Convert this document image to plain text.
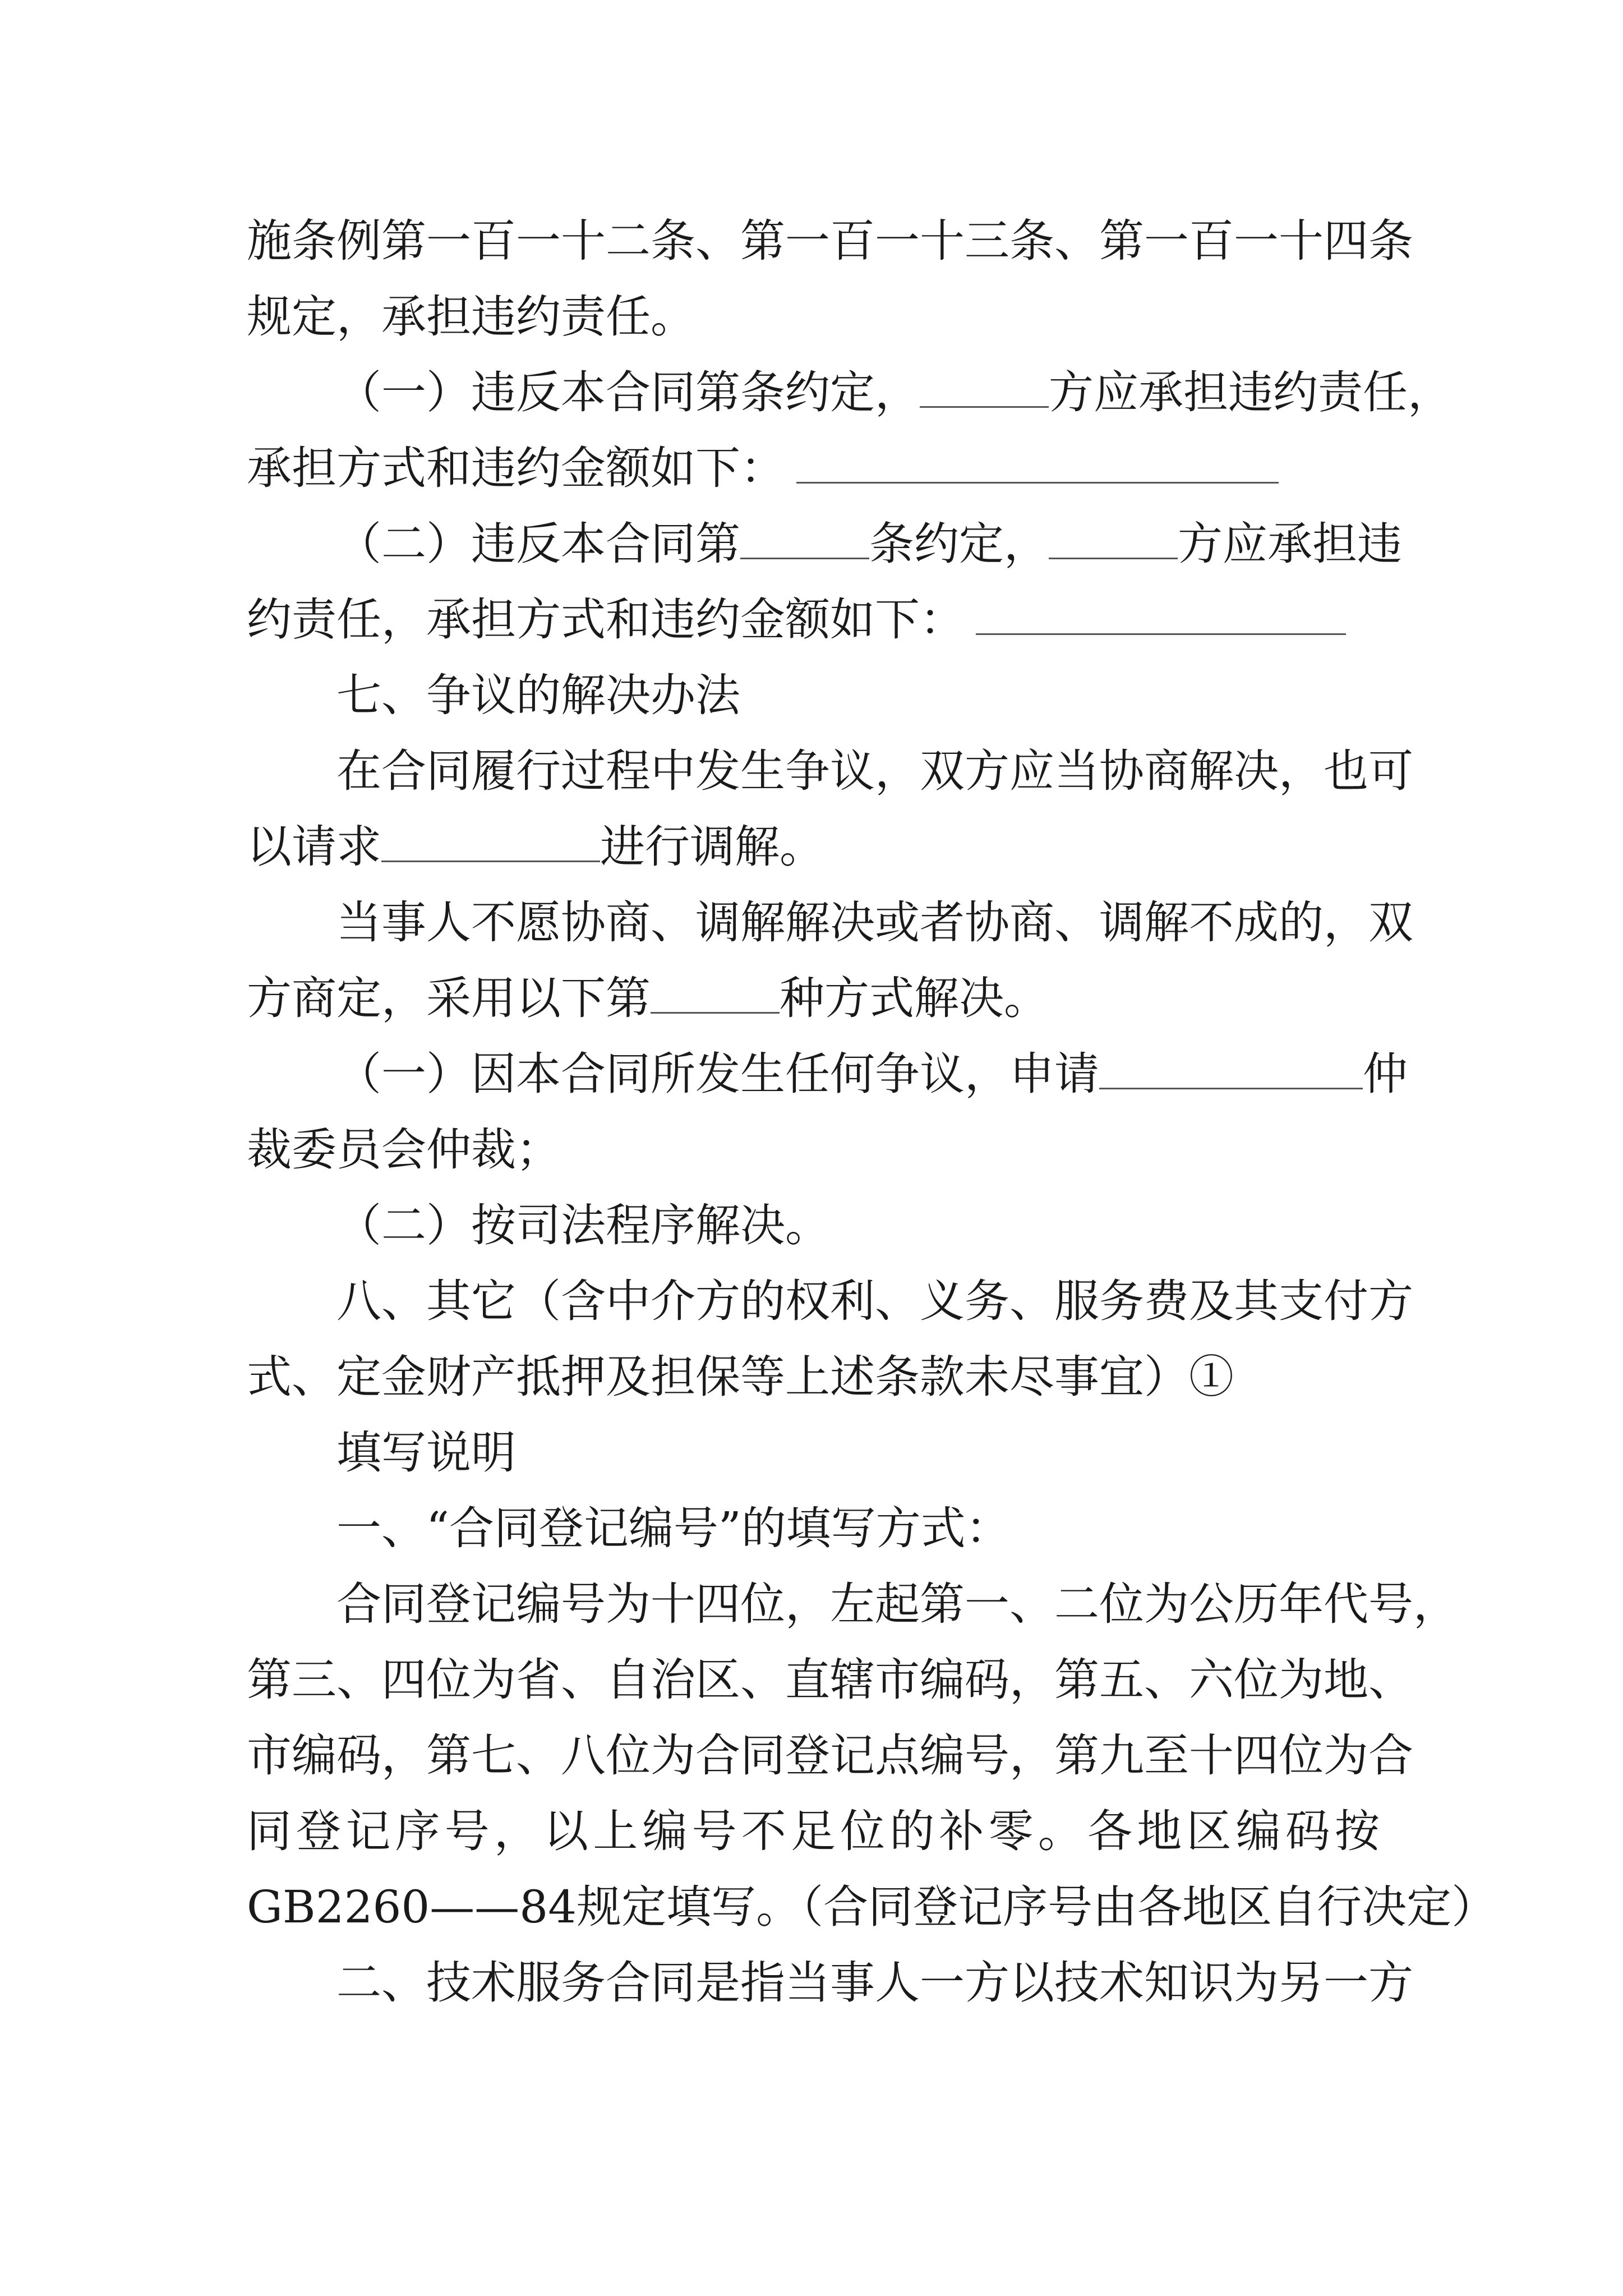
施条例第一百一十二条、第一百一十三条、第一百一十四条
规定，承担违约责任。
（一）违反本合同第条约定，	方应承担违约责任，
承担方式和违约金额如下：
（二）违反本合同第	条约定，	方应承担违
约责任，承担方式和违约金额如下：
七、争议的解决办法
在合同履行过程中发生争议，双方应当协商解决，也可
以请求	进行调解。
当事人不愿协商、调解解决或者协商、调解不成的，双
方商定，采用以下第	种方式解决。
（一）因本合同所发生任何争议，申请	仲
裁委员会仲裁；
（二）按司法程序解决。
八、其它（含中介方的权利、义务、服务费及其支付方
式、定金财产抵押及担保等上述条款未尽事宜）①
填写说明
一、“合同登记编号”的填写方式：
合同登记编号为十四位，左起第一、二位为公历年代号，
第三、四位为省、自治区、直辖市编码，第五、六位为地、
市编码，第七、八位为合同登记点编号，第九至十四位为合
同登记序号，以上编号不足位的补零。各地区编码按
GB2260——84规定填写。（合同登记序号由各地区自行决定）
二、技术服务合同是指当事人一方以技术知识为另一方
